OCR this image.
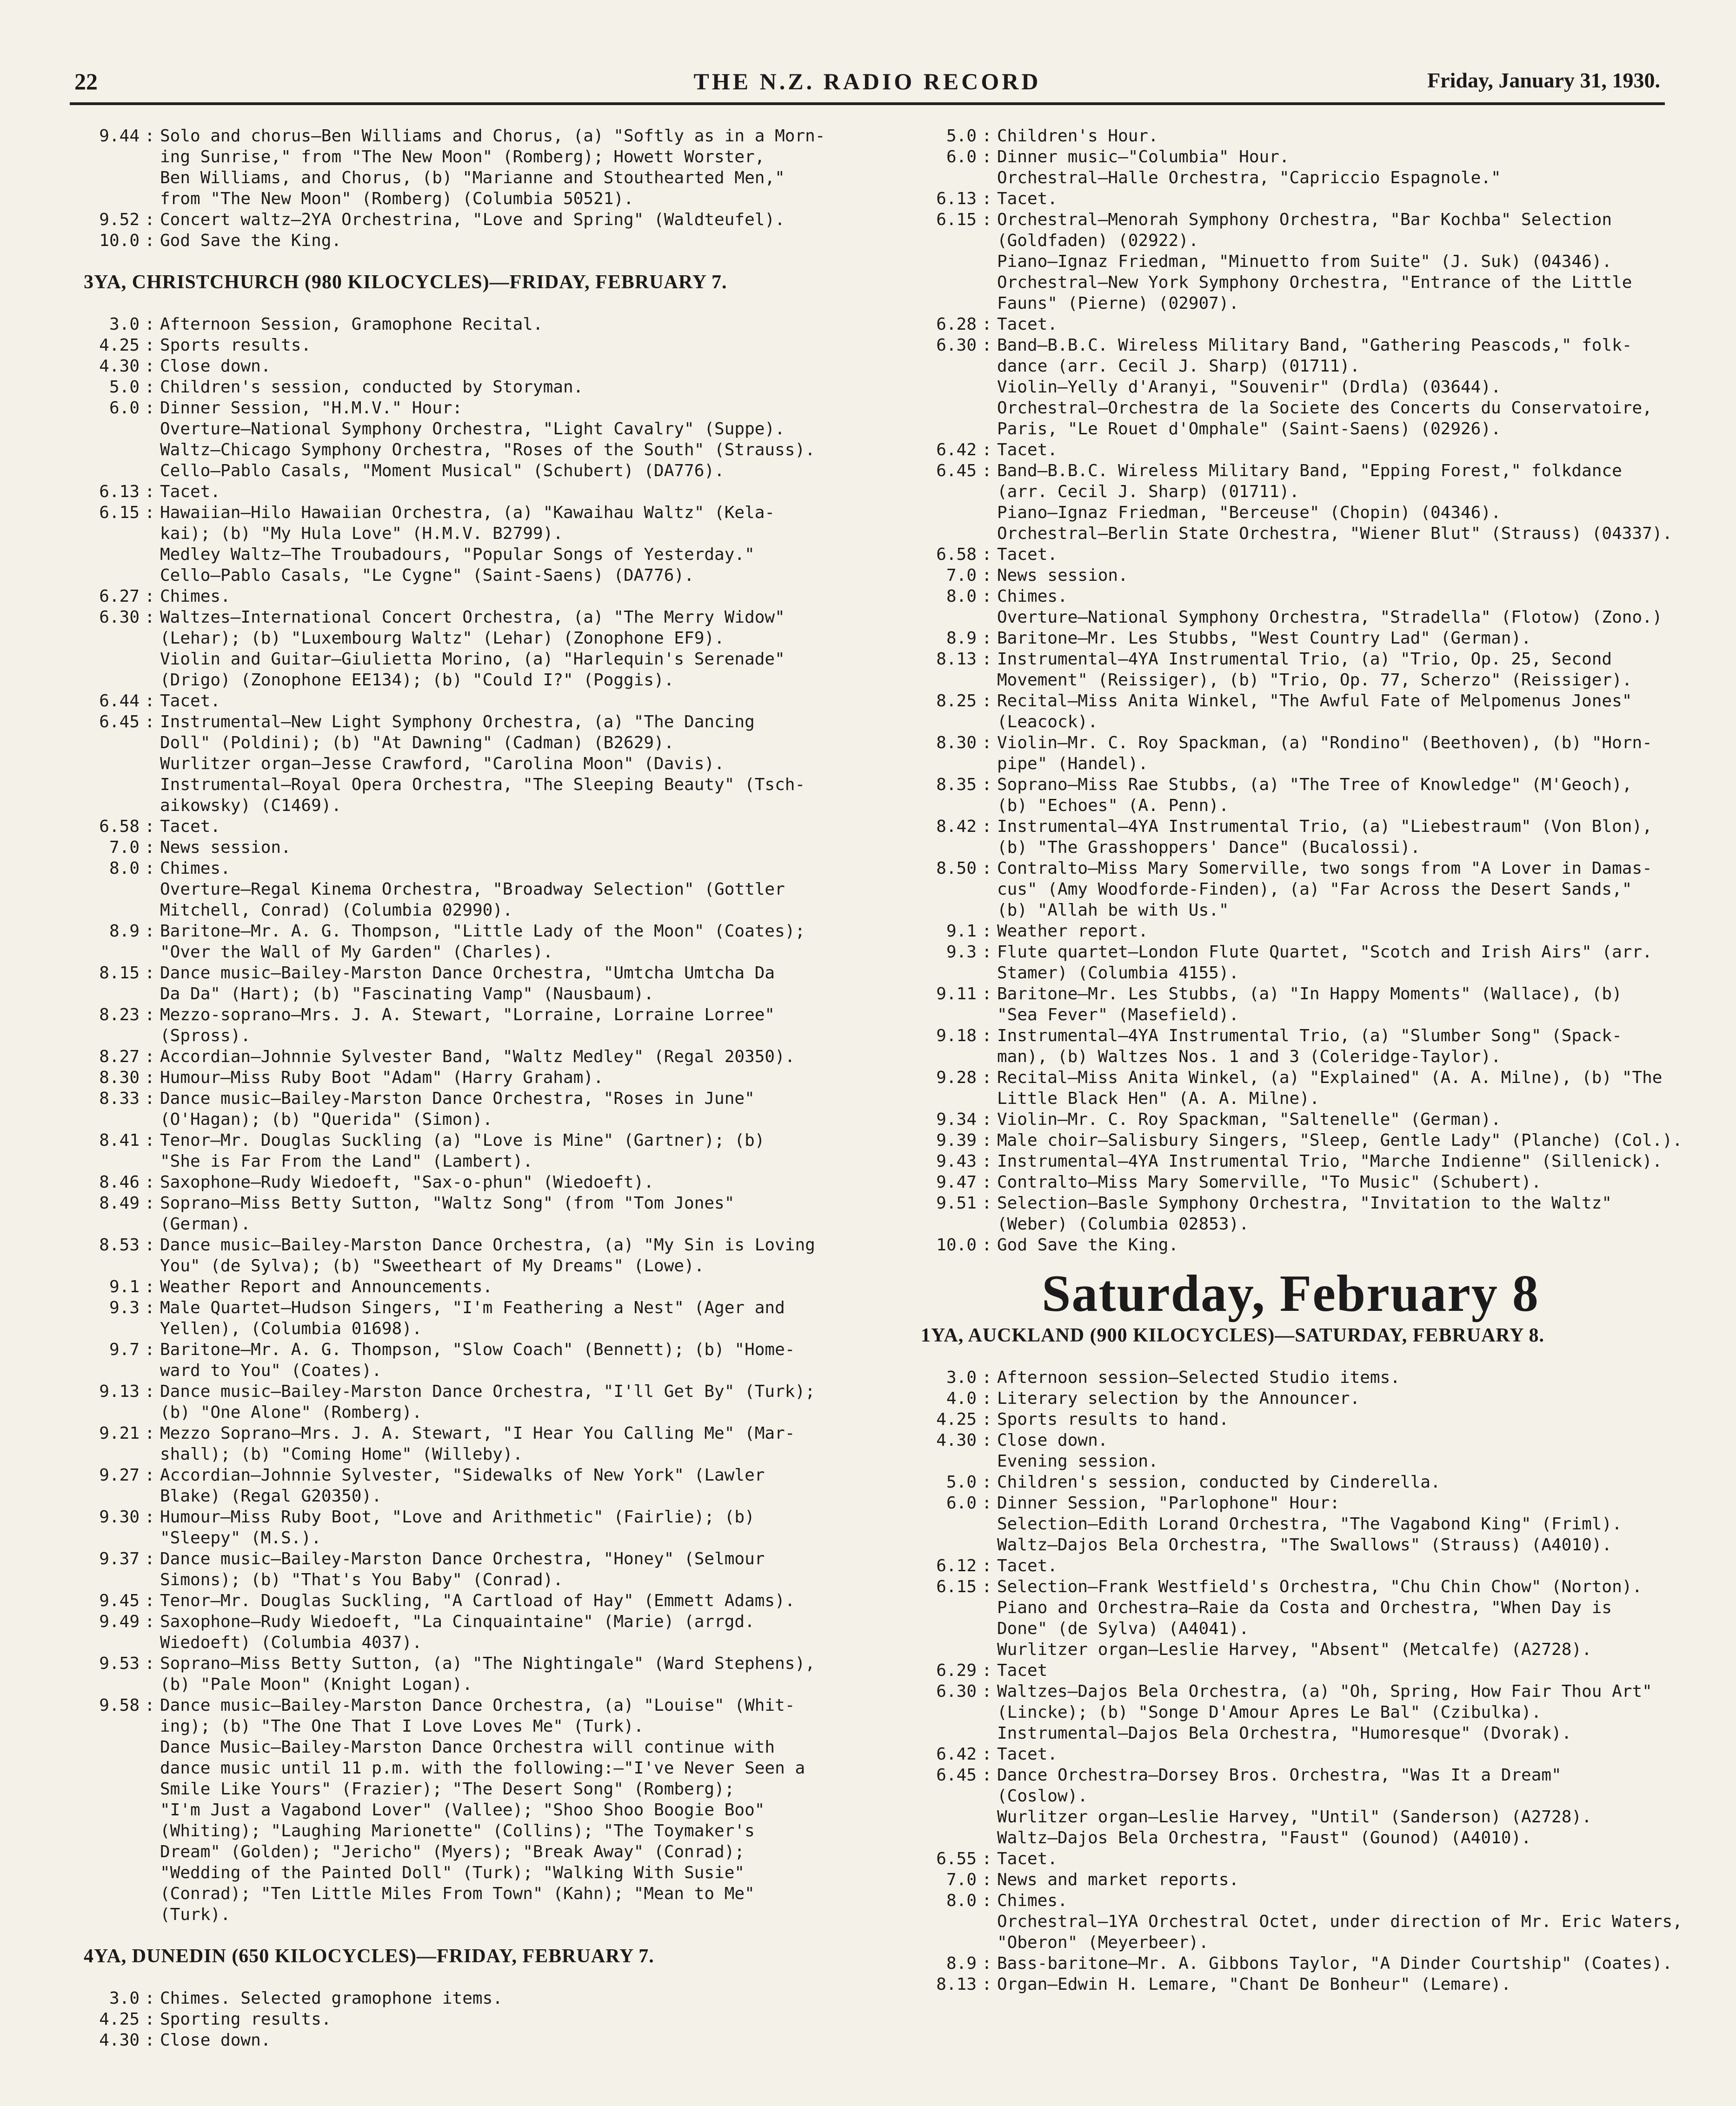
22	THE N.Z. RADIO RECORD	Friday, January 31, 1930.
9.44 : Solo and chorus—Ben Williams and Chorus, (a) "Softly as in a Morn-
ing Sunrise," from "The New Moon" (Romberg); Howett Worster,
Ben Williams, and Chorus, (b) "Marianne and Stouthearted Men,"
from "The New Moon" (Romberg) (Columbia 50521).
9.52 : Concert waltz—2YA Orchestrina, "Love and Spring" (Waldteufel).
10.0 : God Save the King.
3YA, CHRISTCHURCH (980 KILOCYCLES)—FRIDAY, FEBRUARY 7.
3.0 : Afternoon Session, Gramophone Recital.
4.25 : Sports results.
4.30 : Close down.
5.0 : Children's session, conducted by Storyman.
6.0 : Dinner Session, "H.M.V." Hour:
Overture—National Symphony Orchestra, "Light Cavalry" (Suppe).
Waltz—Chicago Symphony Orchestra, "Roses of the South" (Strauss).
Cello—Pablo Casals, "Moment Musical" (Schubert) (DA776).
6.13 : Tacet.
6.15 : Hawaiian—Hilo Hawaiian Orchestra, (a) "Kawaihau Waltz" (Kela-
kai); (b) "My Hula Love" (H.M.V. B2799).
Medley Waltz—The Troubadours, "Popular Songs of Yesterday."
Cello—Pablo Casals, "Le Cygne" (Saint-Saens) (DA776).
6.27 : Chimes.
6.30 : Waltzes—International Concert Orchestra, (a) "The Merry Widow"
(Lehar); (b) "Luxembourg Waltz" (Lehar) (Zonophone EF9).
Violin and Guitar—Giulietta Morino, (a) "Harlequin's Serenade"
(Drigo) (Zonophone EE134); (b) "Could I?" (Poggis).
6.44 : Tacet.
6.45 : Instrumental—New Light Symphony Orchestra, (a) "The Dancing
Doll" (Poldini); (b) "At Dawning" (Cadman) (B2629).
Wurlitzer organ—Jesse Crawford, "Carolina Moon" (Davis).
Instrumental—Royal Opera Orchestra, "The Sleeping Beauty" (Tsch-
aikowsky) (C1469).
6.58 : Tacet.
7.0 : News session.
8.0 : Chimes.
Overture—Regal Kinema Orchestra, "Broadway Selection" (Gottler
Mitchell, Conrad) (Columbia 02990).
8.9 : Baritone—Mr. A. G. Thompson, "Little Lady of the Moon" (Coates);
"Over the Wall of My Garden" (Charles).
8.15 : Dance music—Bailey-Marston Dance Orchestra, "Umtcha Umtcha Da
Da Da" (Hart); (b) "Fascinating Vamp" (Nausbaum).
8.23 : Mezzo-soprano—Mrs. J. A. Stewart, "Lorraine, Lorraine Lorree"
(Spross).
8.27 : Accordian—Johnnie Sylvester Band, "Waltz Medley" (Regal 20350).
8.30 : Humour—Miss Ruby Boot "Adam" (Harry Graham).
8.33 : Dance music—Bailey-Marston Dance Orchestra, "Roses in June"
(O'Hagan); (b) "Querida" (Simon).
8.41 : Tenor—Mr. Douglas Suckling (a) "Love is Mine" (Gartner); (b)
"She is Far From the Land" (Lambert).
8.46 : Saxophone—Rudy Wiedoeft, "Sax-o-phun" (Wiedoeft).
8.49 : Soprano—Miss Betty Sutton, "Waltz Song" (from "Tom Jones"
(German).
8.53 : Dance music—Bailey-Marston Dance Orchestra, (a) "My Sin is Loving
You" (de Sylva); (b) "Sweetheart of My Dreams" (Lowe).
9.1 : Weather Report and Announcements.
9.3 : Male Quartet—Hudson Singers, "I'm Feathering a Nest" (Ager and
Yellen), (Columbia 01698).
9.7 : Baritone—Mr. A. G. Thompson, "Slow Coach" (Bennett); (b) "Home-
ward to You" (Coates).
9.13 : Dance music—Bailey-Marston Dance Orchestra, "I'll Get By" (Turk);
(b) "One Alone" (Romberg).
9.21 : Mezzo Soprano—Mrs. J. A. Stewart, "I Hear You Calling Me" (Mar-
shall); (b) "Coming Home" (Willeby).
9.27 : Accordian—Johnnie Sylvester, "Sidewalks of New York" (Lawler
Blake) (Regal G20350).
9.30 : Humour—Miss Ruby Boot, "Love and Arithmetic" (Fairlie); (b)
"Sleepy" (M.S.).
9.37 : Dance music—Bailey-Marston Dance Orchestra, "Honey" (Selmour
Simons); (b) "That's You Baby" (Conrad).
9.45 : Tenor—Mr. Douglas Suckling, "A Cartload of Hay" (Emmett Adams).
9.49 : Saxophone—Rudy Wiedoeft, "La Cinquaintaine" (Marie) (arrgd.
Wiedoeft) (Columbia 4037).
9.53 : Soprano—Miss Betty Sutton, (a) "The Nightingale" (Ward Stephens),
(b) "Pale Moon" (Knight Logan).
9.58 : Dance music—Bailey-Marston Dance Orchestra, (a) "Louise" (Whit-
ing); (b) "The One That I Love Loves Me" (Turk).
Dance Music—Bailey-Marston Dance Orchestra will continue with
dance music until 11 p.m. with the following:—"I've Never Seen a
Smile Like Yours" (Frazier); "The Desert Song" (Romberg);
"I'm Just a Vagabond Lover" (Vallee); "Shoo Shoo Boogie Boo"
(Whiting); "Laughing Marionette" (Collins); "The Toymaker's
Dream" (Golden); "Jericho" (Myers); "Break Away" (Conrad);
"Wedding of the Painted Doll" (Turk); "Walking With Susie"
(Conrad); "Ten Little Miles From Town" (Kahn); "Mean to Me"
(Turk).
4YA, DUNEDIN (650 KILOCYCLES)—FRIDAY, FEBRUARY 7.
3.0 : Chimes. Selected gramophone items.
4.25 : Sporting results.
4.30 : Close down.
5.0 : Children's Hour.
6.0 : Dinner music—"Columbia" Hour.
Orchestral—Halle Orchestra, "Capriccio Espagnole."
6.13 : Tacet.
6.15 : Orchestral—Menorah Symphony Orchestra, "Bar Kochba" Selection
(Goldfaden) (02922).
Piano—Ignaz Friedman, "Minuetto from Suite" (J. Suk) (04346).
Orchestral—New York Symphony Orchestra, "Entrance of the Little
Fauns" (Pierne) (02907).
6.28 : Tacet.
6.30 : Band—B.B.C. Wireless Military Band, "Gathering Peascods," folk-
dance (arr. Cecil J. Sharp) (01711).
Violin—Yelly d'Aranyi, "Souvenir" (Drdla) (03644).
Orchestral—Orchestra de la Societe des Concerts du Conservatoire,
Paris, "Le Rouet d'Omphale" (Saint-Saens) (02926).
6.42 : Tacet.
6.45 : Band—B.B.C. Wireless Military Band, "Epping Forest," folkdance
(arr. Cecil J. Sharp) (01711).
Piano—Ignaz Friedman, "Berceuse" (Chopin) (04346).
Orchestral—Berlin State Orchestra, "Wiener Blut" (Strauss) (04337).
6.58 : Tacet.
7.0 : News session.
8.0 : Chimes.
Overture—National Symphony Orchestra, "Stradella" (Flotow) (Zono.)
8.9 : Baritone—Mr. Les Stubbs, "West Country Lad" (German).
8.13 : Instrumental—4YA Instrumental Trio, (a) "Trio, Op. 25, Second
Movement" (Reissiger), (b) "Trio, Op. 77, Scherzo" (Reissiger).
8.25 : Recital—Miss Anita Winkel, "The Awful Fate of Melpomenus Jones"
(Leacock).
8.30 : Violin—Mr. C. Roy Spackman, (a) "Rondino" (Beethoven), (b) "Horn-
pipe" (Handel).
8.35 : Soprano—Miss Rae Stubbs, (a) "The Tree of Knowledge" (M'Geoch),
(b) "Echoes" (A. Penn).
8.42 : Instrumental—4YA Instrumental Trio, (a) "Liebestraum" (Von Blon),
(b) "The Grasshoppers' Dance" (Bucalossi).
8.50 : Contralto—Miss Mary Somerville, two songs from "A Lover in Damas-
cus" (Amy Woodforde-Finden), (a) "Far Across the Desert Sands,"
(b) "Allah be with Us."
9.1 : Weather report.
9.3 : Flute quartet—London Flute Quartet, "Scotch and Irish Airs" (arr.
Stamer) (Columbia 4155).
9.11 : Baritone—Mr. Les Stubbs, (a) "In Happy Moments" (Wallace), (b)
"Sea Fever" (Masefield).
9.18 : Instrumental—4YA Instrumental Trio, (a) "Slumber Song" (Spack-
man), (b) Waltzes Nos. 1 and 3 (Coleridge-Taylor).
9.28 : Recital—Miss Anita Winkel, (a) "Explained" (A. A. Milne), (b) "The
Little Black Hen" (A. A. Milne).
9.34 : Violin—Mr. C. Roy Spackman, "Saltenelle" (German).
9.39 : Male choir—Salisbury Singers, "Sleep, Gentle Lady" (Planche) (Col.).
9.43 : Instrumental—4YA Instrumental Trio, "Marche Indienne" (Sillenick).
9.47 : Contralto—Miss Mary Somerville, "To Music" (Schubert).
9.51 : Selection—Basle Symphony Orchestra, "Invitation to the Waltz"
(Weber) (Columbia 02853).
10.0 : God Save the King.
Saturday, February 8
1YA, AUCKLAND (900 KILOCYCLES)—SATURDAY, FEBRUARY 8.
3.0 : Afternoon session—Selected Studio items.
4.0 : Literary selection by the Announcer.
4.25 : Sports results to hand.
4.30 : Close down.
Evening session.
5.0 : Children's session, conducted by Cinderella.
6.0 : Dinner Session, "Parlophone" Hour:
Selection—Edith Lorand Orchestra, "The Vagabond King" (Friml).
Waltz—Dajos Bela Orchestra, "The Swallows" (Strauss) (A4010).
6.12 : Tacet.
6.15 : Selection—Frank Westfield's Orchestra, "Chu Chin Chow" (Norton).
Piano and Orchestra—Raie da Costa and Orchestra, "When Day is
Done" (de Sylva) (A4041).
Wurlitzer organ—Leslie Harvey, "Absent" (Metcalfe) (A2728).
6.29 : Tacet
6.30 : Waltzes—Dajos Bela Orchestra, (a) "Oh, Spring, How Fair Thou Art"
(Lincke); (b) "Songe D'Amour Apres Le Bal" (Czibulka).
Instrumental—Dajos Bela Orchestra, "Humoresque" (Dvorak).
6.42 : Tacet.
6.45 : Dance Orchestra—Dorsey Bros. Orchestra, "Was It a Dream"
(Coslow).
Wurlitzer organ—Leslie Harvey, "Until" (Sanderson) (A2728).
Waltz—Dajos Bela Orchestra, "Faust" (Gounod) (A4010).
6.55 : Tacet.
7.0 : News and market reports.
8.0 : Chimes.
Orchestral—1YA Orchestral Octet, under direction of Mr. Eric Waters,
"Oberon" (Meyerbeer).
8.9 : Bass-baritone—Mr. A. Gibbons Taylor, "A Dinder Courtship" (Coates).
8.13 : Organ—Edwin H. Lemare, "Chant De Bonheur" (Lemare).
